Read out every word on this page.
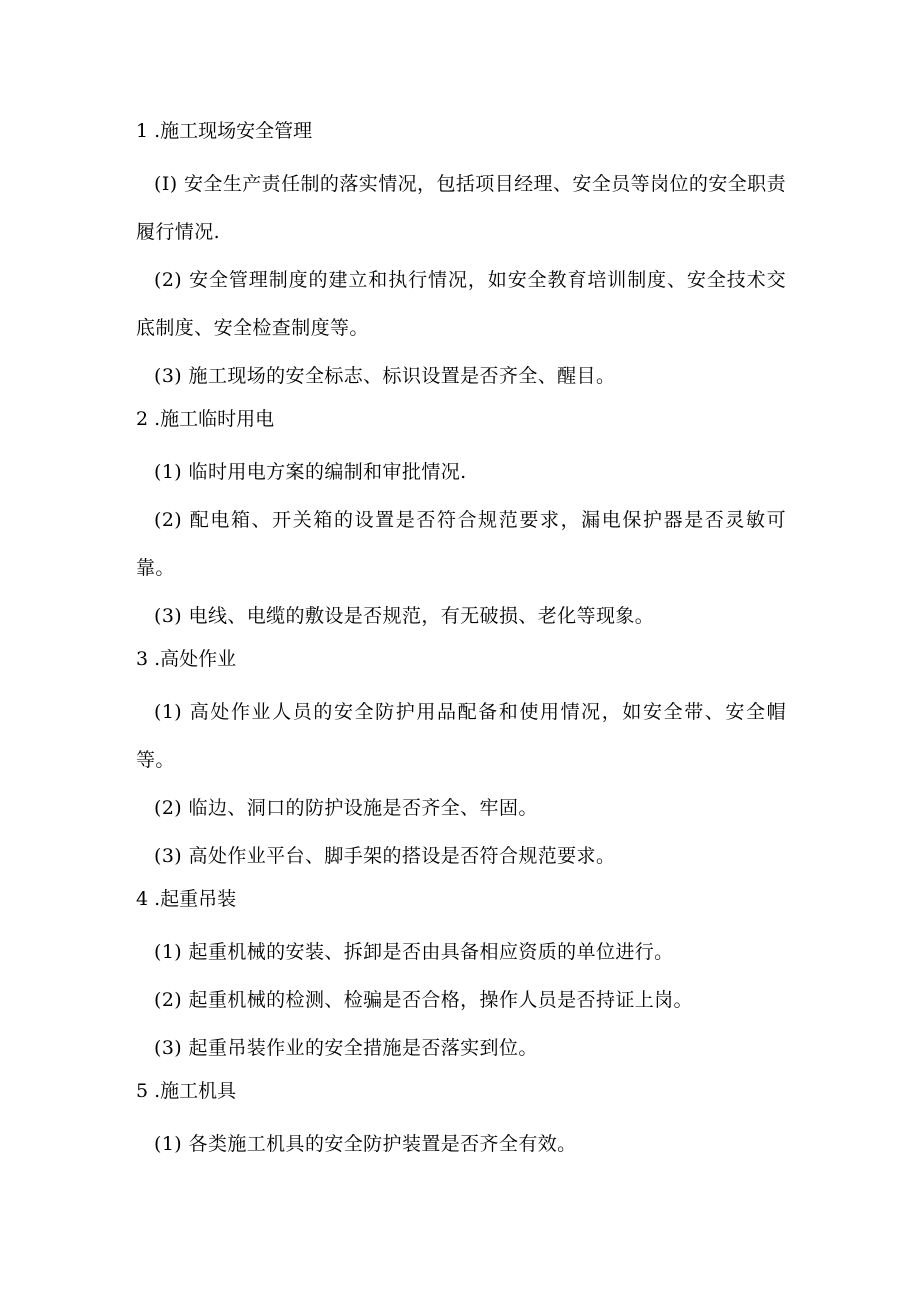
1 .施工现场安全管理
(I) 安全生产责任制的落实情况，包括项目经理、安全员等岗位的安全职责履行情况.
(2) 安全管理制度的建立和执行情况，如安全教育培训制度、安全技术交底制度、安全检查制度等。
(3) 施工现场的安全标志、标识设置是否齐全、醒目。
2 .施工临时用电
(1) 临时用电方案的编制和审批情况.
(2) 配电箱、开关箱的设置是否符合规范要求，漏电保护器是否灵敏可靠。
(3) 电线、电缆的敷设是否规范，有无破损、老化等现象。
3 .高处作业
(1) 高处作业人员的安全防护用品配备和使用情况，如安全带、安全帽等。
(2) 临边、洞口的防护设施是否齐全、牢固。
(3) 高处作业平台、脚手架的搭设是否符合规范要求。
4 .起重吊装
(1) 起重机械的安装、拆卸是否由具备相应资质的单位进行。
(2) 起重机械的检测、检骗是否合格，操作人员是否持证上岗。
(3) 起重吊装作业的安全措施是否落实到位。
5 .施工机具
(1) 各类施工机具的安全防护装置是否齐全有效。
